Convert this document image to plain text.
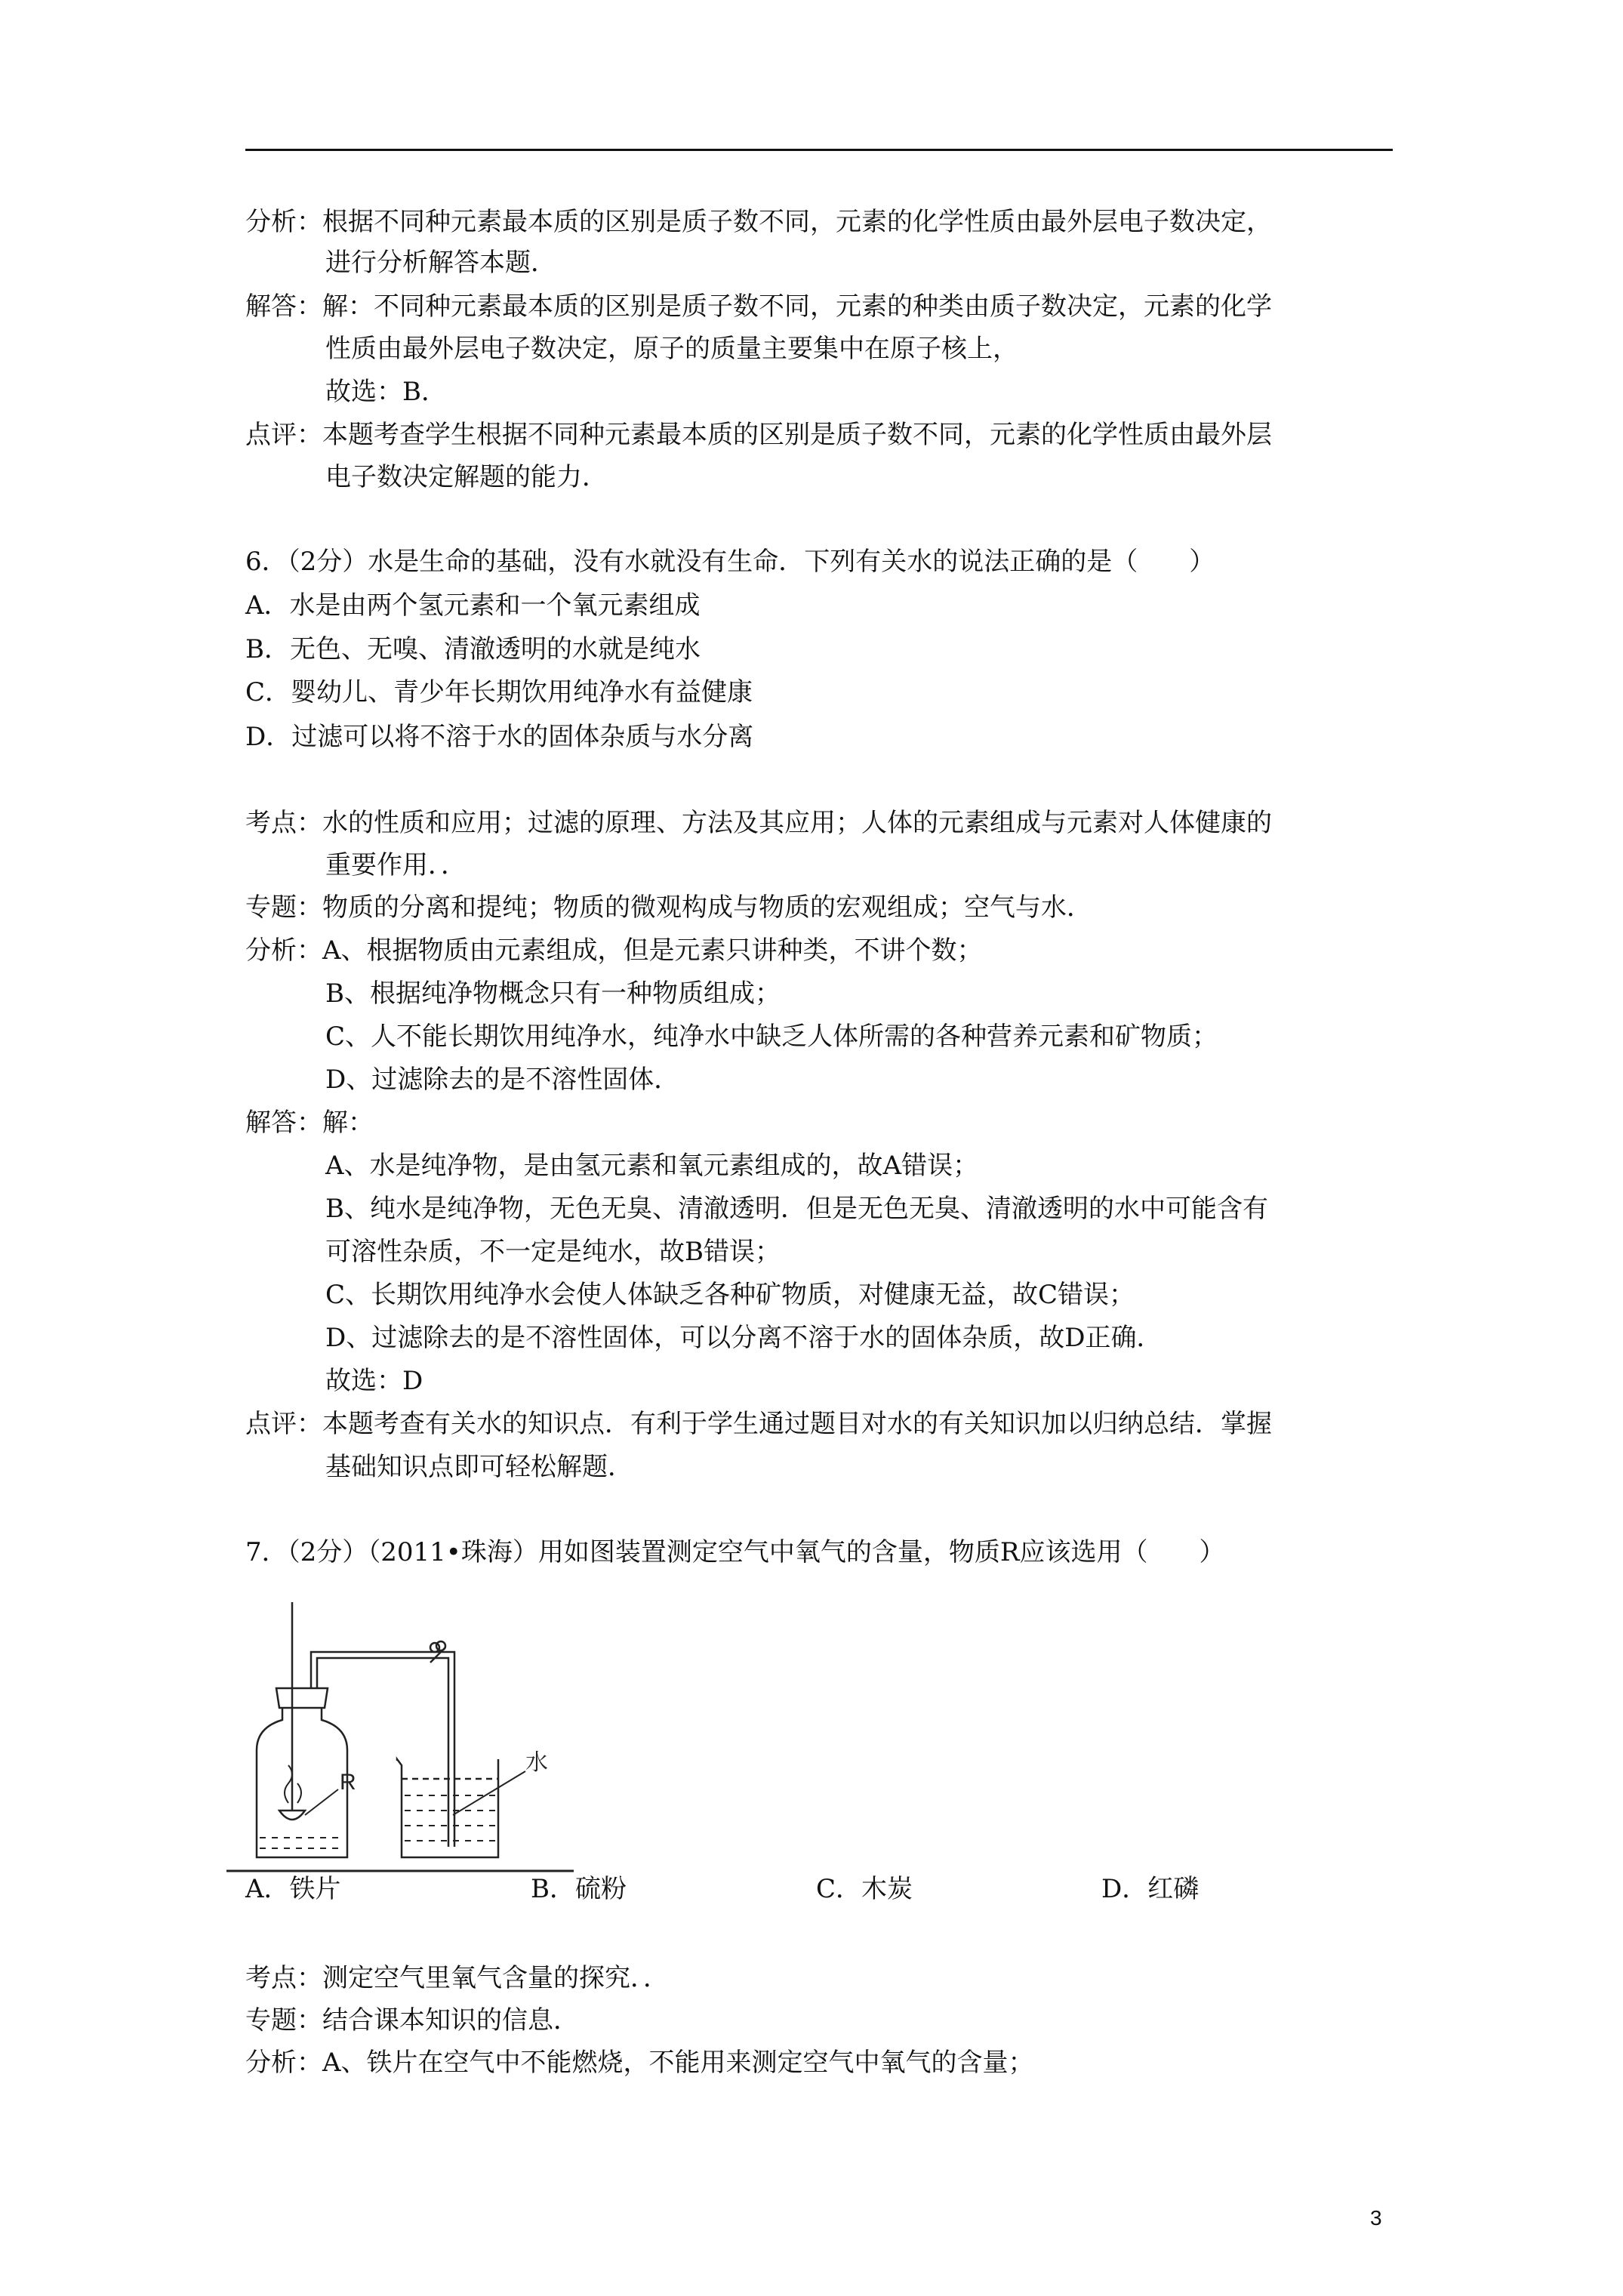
分析：根据不同种元素最本质的区别是质子数不同，元素的化学性质由最外层电子数决定，
进行分析解答本题．
解答：解：不同种元素最本质的区别是质子数不同，元素的种类由质子数决定，元素的化学
性质由最外层电子数决定，原子的质量主要集中在原子核上，
故选：B．
点评：本题考查学生根据不同种元素最本质的区别是质子数不同，元素的化学性质由最外层
电子数决定解题的能力．
6．（2分）水是生命的基础，没有水就没有生命．下列有关水的说法正确的是（　　）
A．水是由两个氢元素和一个氧元素组成
B．无色、无嗅、清澈透明的水就是纯水
C．婴幼儿、青少年长期饮用纯净水有益健康
D．过滤可以将不溶于水的固体杂质与水分离
考点：水的性质和应用；过滤的原理、方法及其应用；人体的元素组成与元素对人体健康的
重要作用．．
专题：物质的分离和提纯；物质的微观构成与物质的宏观组成；空气与水．
分析：A、根据物质由元素组成，但是元素只讲种类，不讲个数；
B、根据纯净物概念只有一种物质组成；
C、人不能长期饮用纯净水，纯净水中缺乏人体所需的各种营养元素和矿物质；
D、过滤除去的是不溶性固体．
解答：解：
A、水是纯净物，是由氢元素和氧元素组成的，故A错误；
B、纯水是纯净物，无色无臭、清澈透明．但是无色无臭、清澈透明的水中可能含有
可溶性杂质，不一定是纯水，故B错误；
C、长期饮用纯净水会使人体缺乏各种矿物质，对健康无益，故C错误；
D、过滤除去的是不溶性固体，可以分离不溶于水的固体杂质，故D正确．
故选：D
点评：本题考查有关水的知识点．有利于学生通过题目对水的有关知识加以归纳总结．掌握
基础知识点即可轻松解题．
7．（2分）（2011•珠海）用如图装置测定空气中氧气的含量，物质R应该选用（　　）
考点：测定空气里氧气含量的探究．．
专题：结合课本知识的信息．
分析：A、铁片在空气中不能燃烧，不能用来测定空气中氧气的含量；
R
水
A．铁片	B．硫粉	C．木炭	D．红磷
3
